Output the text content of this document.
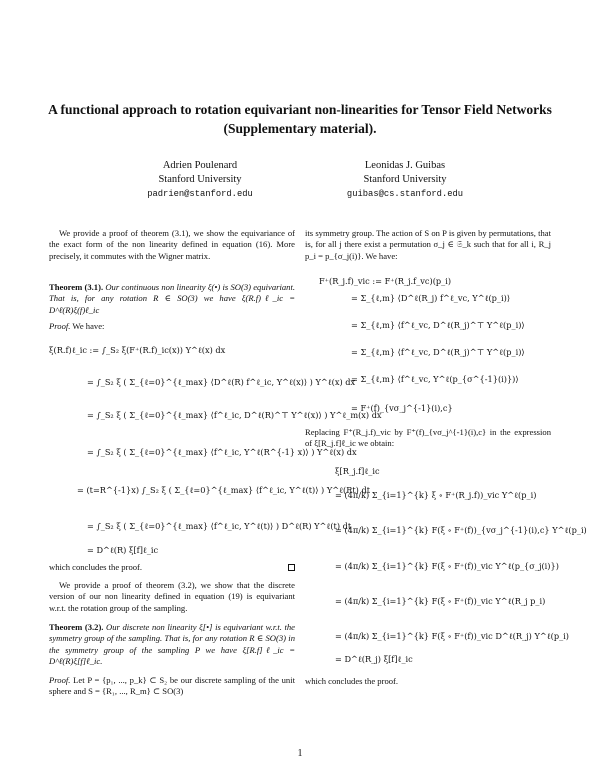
A functional approach to rotation equivariant non-linearities for Tensor Field Networks (Supplementary material).
Adrien Poulenard
Stanford University
padrien@stanford.edu
Leonidas J. Guibas
Stanford University
guibas@cs.stanford.edu
We provide a proof of theorem (3.1), we show the equivariance of the exact form of the non linearity defined in equation (16). More precisely, it commutes with the Wigner matrix.
Theorem (3.1). Our continuous non linearity ξ(•) is SO(3) equivariant. That is, for any rotation R ∈ SO(3) we have ξ(R.f)ℓ_ic = D^ℓ(R)ξ(f)ℓ_ic
Proof. We have:
ξ(R.f)ℓ_ic := ∫_S₂ ξ(F⁺(R.f)_ic(x)) Y^ℓ(x) dx
= ∫_S₂ ξ ( Σ_{ℓ=0}^{ℓ_max} ⟨D^ℓ(R) f^ℓ_ic, Y^ℓ(x)⟩ ) Y^ℓ(x) dx
= ∫_S₂ ξ ( Σ_{ℓ=0}^{ℓ_max} ⟨f^ℓ_ic, D^ℓ(R)^⊤ Y^ℓ(x)⟩ ) Y^ℓ_m(x) dx
= ∫_S₂ ξ ( Σ_{ℓ=0}^{ℓ_max} ⟨f^ℓ_ic, Y^ℓ(R^{-1} x)⟩ ) Y^ℓ(x) dx
= (t=R^{-1}x) ∫_S₂ ξ ( Σ_{ℓ=0}^{ℓ_max} ⟨f^ℓ_ic, Y^ℓ(t)⟩ ) Y^ℓ(Rt) dt
= ∫_S₂ ξ ( Σ_{ℓ=0}^{ℓ_max} ⟨f^ℓ_ic, Y^ℓ(t)⟩ ) D^ℓ(R) Y^ℓ(t) dt
= D^ℓ(R) ξ[f]ℓ_ic
which concludes the proof.
We provide a proof of theorem (3.2), we show that the discrete version of our non linearity defined in equation (19) is equivariant w.r.t. the rotation group of the sampling.
Theorem (3.2). Our discrete non linearity ξ[•] is equivariant w.r.t. the symmetry group of the sampling. That is, for any rotation R ∈ SO(3) in the symmetry group of the sampling P we have ξ[R.f]ℓ_ic = D^ℓ(R)ξ[f]ℓ_ic.
Proof. Let P = {p₁, ..., p_k} ⊂ S₂ be our discrete sampling of the unit sphere and S = {R₁, ..., R_m} ⊂ SO(3)
its symmetry group. The action of S on P is given by permutations, that is, for all j there exist a permutation σ_j ∈ 𝔖_k such that for all i, R_j p_i = p_{σ_j(i)}. We have:
F⁺(R_j.f)_vic := F⁺(R_j.f_vc)(p_i)
= Σ_{ℓ,m} ⟨D^ℓ(R_j) f^ℓ_vc, Y^ℓ(p_i)⟩
= Σ_{ℓ,m} ⟨f^ℓ_vc, D^ℓ(R_j)^⊤ Y^ℓ(p_i)⟩
= Σ_{ℓ,m} ⟨f^ℓ_vc, D^ℓ(R_j)^⊤ Y^ℓ(p_i)⟩
= Σ_{ℓ,m} ⟨f^ℓ_vc, Y^ℓ(p_{σ^{-1}(i)})⟩
= F⁺(f)_{vσ_j^{-1}(i),c}
Replacing F⁺(R_j.f)_vic by F⁺(f)_{vσ_j^{-1}(i),c} in the expression of ξ[R_j.f]ℓ_ic we obtain:
ξ[R_j.f]ℓ_ic
= (4π/k) Σ_{i=1}^{k} ξ ∘ F⁺(R_j.f))_vic Y^ℓ(p_i)
= (4π/k) Σ_{i=1}^{k} F(ξ ∘ F⁺(f))_{vσ_j^{-1}(i),c} Y^ℓ(p_i)
= (4π/k) Σ_{i=1}^{k} F(ξ ∘ F⁺(f))_vic Y^ℓ(p_{σ_j(i)})
= (4π/k) Σ_{i=1}^{k} F(ξ ∘ F⁺(f))_vic Y^ℓ(R_j p_i)
= (4π/k) Σ_{i=1}^{k} F(ξ ∘ F⁺(f))_vic D^ℓ(R_j) Y^ℓ(p_i)
= D^ℓ(R_j) ξ[f]ℓ_ic
which concludes the proof.
1
